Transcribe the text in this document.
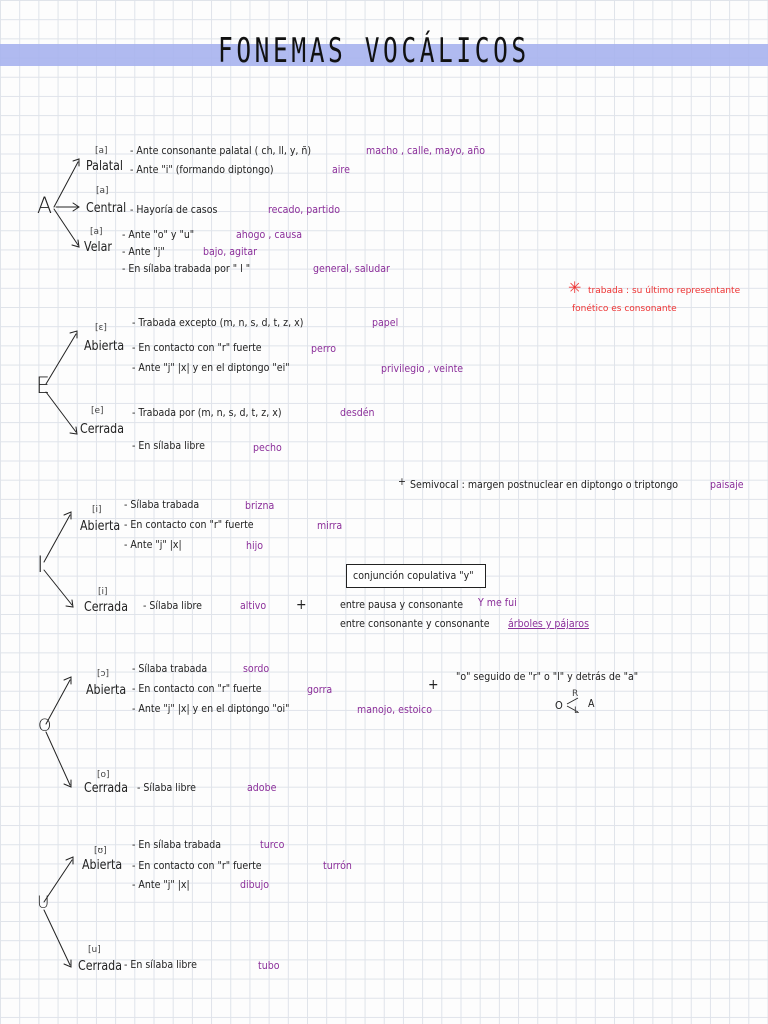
FONEMAS VOCÁLICOS
A
[a]
Palatal
- Ante consonante palatal ( ch, ll, y, ñ)	macho , calle, mayo, año
- Ante "i" (formando diptongo)	aire
[a]
Central - Hayoría de casos	recado, partido
[a]
Velar
- Ante "o" y "u"	ahogo , causa
- Ante "j"	bajo, agitar
- En sílaba trabada por " l "	general, saludar
✳ trabada : su último representante
fonético es consonante
E
[ɛ]
Abierta
- Trabada excepto (m, n, s, d, t, z, x)	papel
- En contacto con "r" fuerte	perro
- Ante "j" |x| y en el diptongo "ei"	privilegio , veinte
[e]
Cerrada
- Trabada por (m, n, s, d, t, z, x)	desdén
- En sílaba libre	pecho
+ Semivocal : margen postnuclear en diptongo o triptongo	paisaje
I
[i]
Abierta
- Sílaba trabada	brizna
- En contacto con "r" fuerte	mirra
- Ante "j" |x|	hijo
[i]
Cerrada - Sílaba libre	altivo
conjunción copulativa "y"
+	entre pausa y consonante Y me fui
entre consonante y consonante árboles y pájaros
O
[ɔ]
Abierta
- Sílaba trabada	sordo
- En contacto con "r" fuerte	gorra
- Ante "j" |x| y en el diptongo "oi"	manojo, estoico
[o]
Cerrada - Sílaba libre	adobe
+ "o" seguido de "r" o "l" y detrás de "a"
O
R
L
A
U
[ʊ]
Abierta
- En sílaba trabada	turco
- En contacto con "r" fuerte	turrón
- Ante "j" |x|	dibujo
[u]
Cerrada - En sílaba libre	tubo
